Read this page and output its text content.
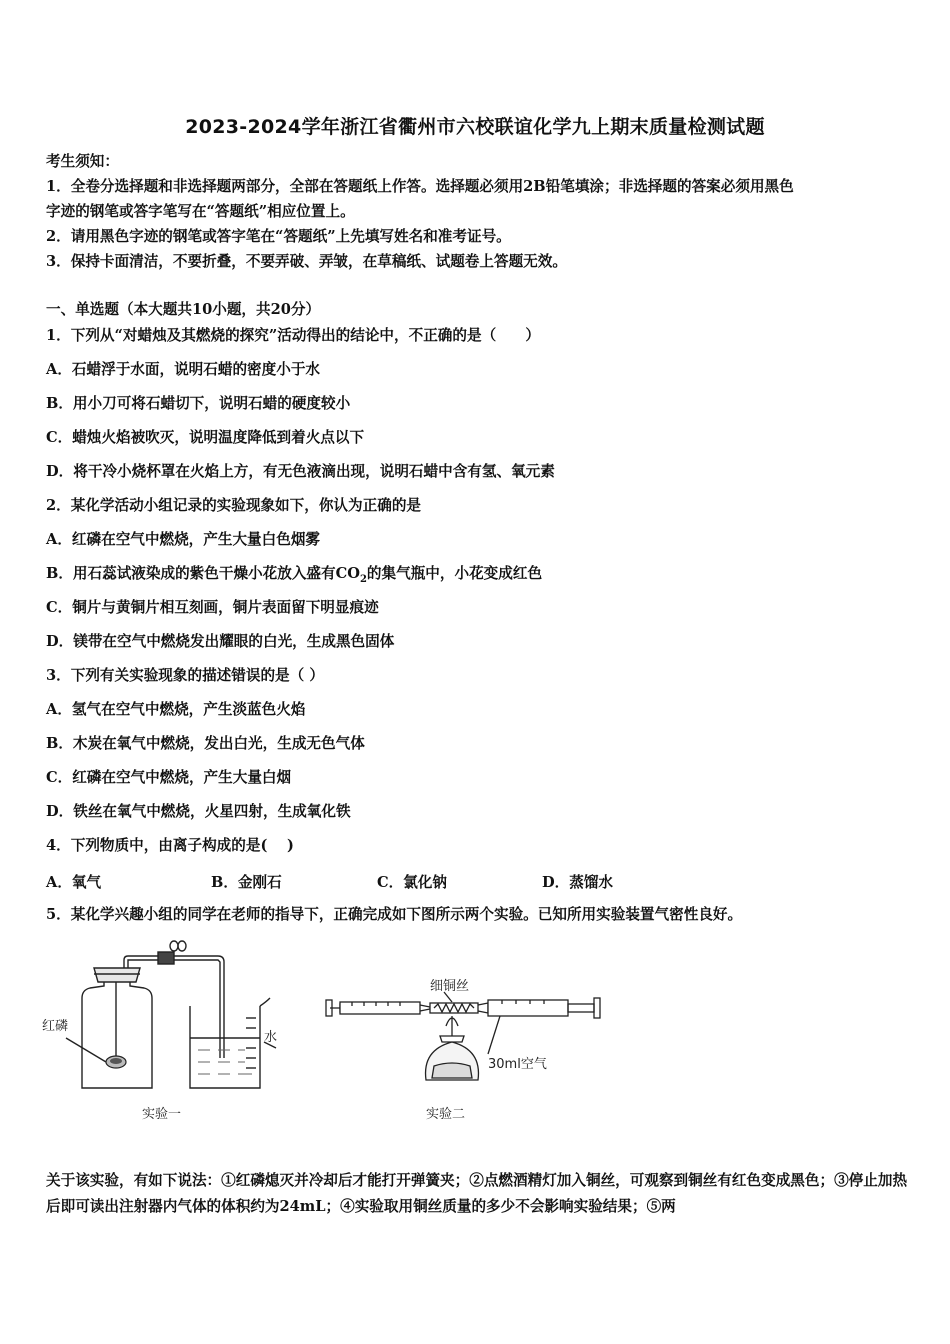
2023-2024学年浙江省衢州市六校联谊化学九上期末质量检测试题
考生须知：
1．全卷分选择题和非选择题两部分，全部在答题纸上作答。选择题必须用2B铅笔填涂；非选择题的答案必须用黑色
字迹的钢笔或答字笔写在“答题纸”相应位置上。
2．请用黑色字迹的钢笔或答字笔在“答题纸”上先填写姓名和准考证号。
3．保持卡面清洁，不要折叠，不要弄破、弄皱，在草稿纸、试题卷上答题无效。
一、单选题（本大题共10小题，共20分）
1．下列从“对蜡烛及其燃烧的探究”活动得出的结论中，不正确的是（　　）
A．石蜡浮于水面，说明石蜡的密度小于水
B．用小刀可将石蜡切下，说明石蜡的硬度较小
C．蜡烛火焰被吹灭，说明温度降低到着火点以下
D．将干冷小烧杯罩在火焰上方，有无色液滴出现，说明石蜡中含有氢、氧元素
2．某化学活动小组记录的实验现象如下，你认为正确的是
A．红磷在空气中燃烧，产生大量白色烟雾
B．用石蕊试液染成的紫色干燥小花放入盛有$CO_2$的集气瓶中，小花变成红色
C．铜片与黄铜片相互刻画，铜片表面留下明显痕迹
D．镁带在空气中燃烧发出耀眼的白光，生成黑色固体
3．下列有关实验现象的描述错误的是（ ）
A．氢气在空气中燃烧，产生淡蓝色火焰
B．木炭在氧气中燃烧，发出白光，生成无色气体
C．红磷在空气中燃烧，产生大量白烟
D．铁丝在氧气中燃烧，火星四射，生成氧化铁
4．下列物质中，由离子构成的是(　 )
A．氧气	B．金刚石	C．氯化钠	D．蒸馏水
5．某化学兴趣小组的同学在老师的指导下，正确完成如下图所示两个实验。已知所用实验装置气密性良好。
红磷
水
实验一
细铜丝
30ml空气
实验二
关于该实验，有如下说法：①红磷熄灭并冷却后才能打开弹簧夹；②点燃酒精灯加入铜丝，可观察到铜丝有红色变成黑色；③停止加热后即可读出注射器内气体的体积约为24mL；④实验取用铜丝质量的多少不会影响实验结果；⑤两
